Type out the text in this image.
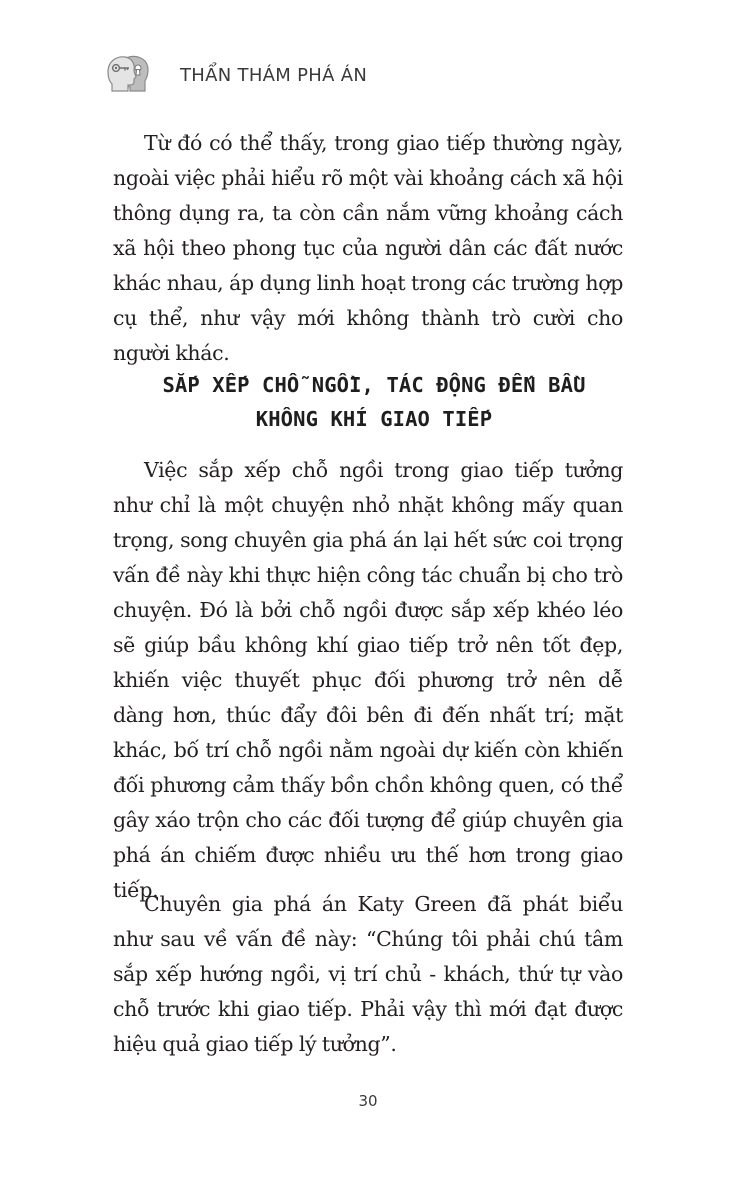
THẨN THÁM PHÁ ÁN

Từ đó có thể thấy, trong giao tiếp thường ngày, ngoài việc phải hiểu rõ một vài khoảng cách xã hội thông dụng ra, ta còn cần nắm vững khoảng cách xã hội theo phong tục của người dân các đất nước khác nhau, áp dụng linh hoạt trong các trường hợp cụ thể, như vậy mới không thành trò cười cho người khác.

SẮP XẾP CHỖ NGỒI, TÁC ĐỘNG ĐẾN BẦU
KHÔNG KHÍ GIAO TIẾP

Việc sắp xếp chỗ ngồi trong giao tiếp tưởng như chỉ là một chuyện nhỏ nhặt không mấy quan trọng, song chuyên gia phá án lại hết sức coi trọng vấn đề này khi thực hiện công tác chuẩn bị cho trò chuyện. Đó là bởi chỗ ngồi được sắp xếp khéo léo sẽ giúp bầu không khí giao tiếp trở nên tốt đẹp, khiến việc thuyết phục đối phương trở nên dễ dàng hơn, thúc đẩy đôi bên đi đến nhất trí; mặt khác, bố trí chỗ ngồi nằm ngoài dự kiến còn khiến đối phương cảm thấy bồn chồn không quen, có thể gây xáo trộn cho các đối tượng để giúp chuyên gia phá án chiếm được nhiều ưu thế hơn trong giao tiếp.

Chuyên gia phá án Katy Green đã phát biểu như sau về vấn đề này: “Chúng tôi phải chú tâm sắp xếp hướng ngồi, vị trí chủ - khách, thứ tự vào chỗ trước khi giao tiếp. Phải vậy thì mới đạt được hiệu quả giao tiếp lý tưởng”.

30
